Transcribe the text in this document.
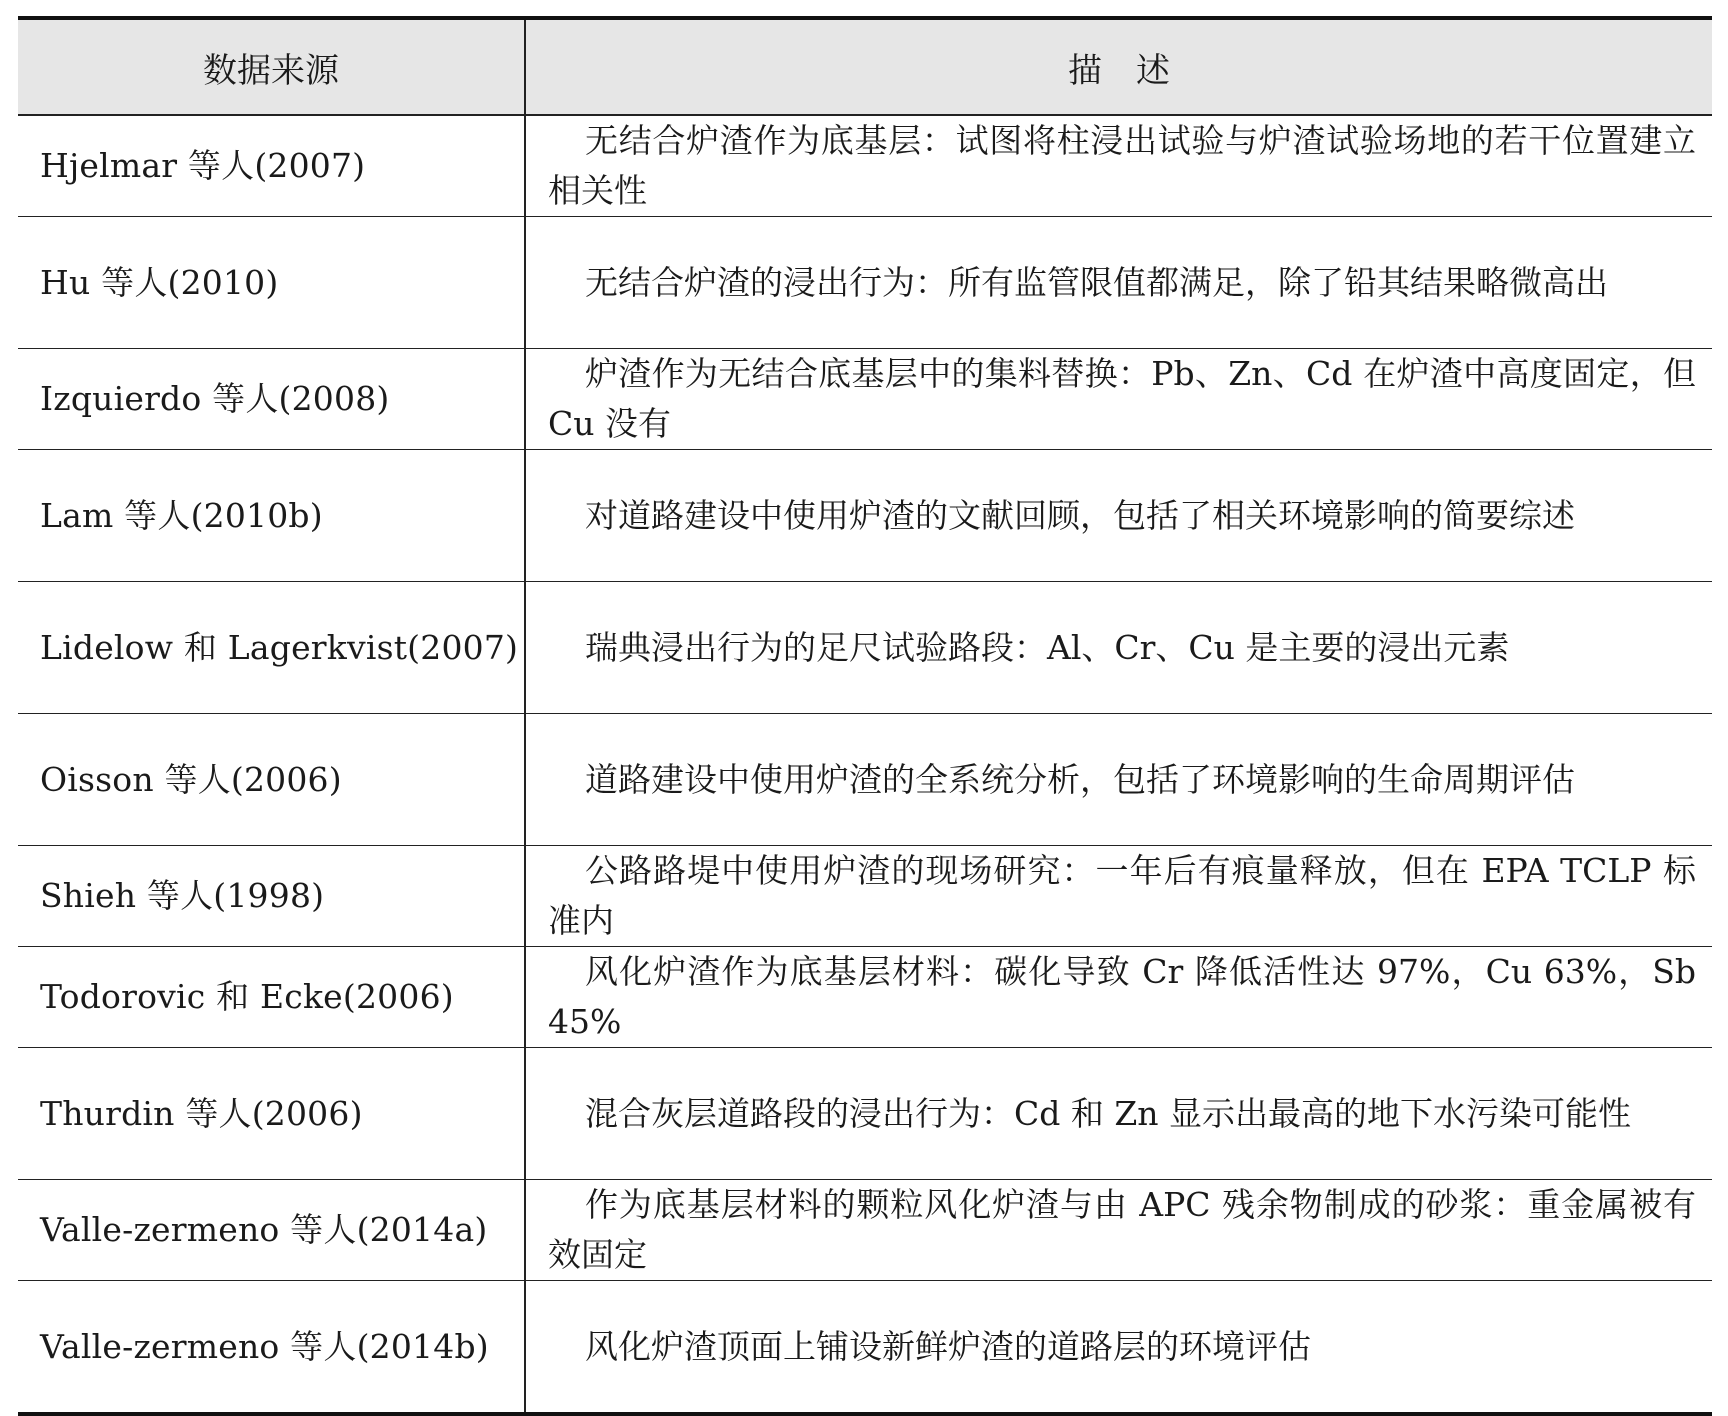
数据来源	描　述
Hjelmar 等人(2007)	无结合炉渣作为底基层：试图将柱浸出试验与炉渣试验场地的若干位置建立相关性
Hu 等人(2010)	无结合炉渣的浸出行为：所有监管限值都满足，除了铅其结果略微高出
Izquierdo 等人(2008)	炉渣作为无结合底基层中的集料替换：Pb、Zn、Cd 在炉渣中高度固定，但 Cu 没有
Lam 等人(2010b)	对道路建设中使用炉渣的文献回顾，包括了相关环境影响的简要综述
Lidelow 和 Lagerkvist(2007)	瑞典浸出行为的足尺试验路段：Al、Cr、Cu 是主要的浸出元素
Oisson 等人(2006)	道路建设中使用炉渣的全系统分析，包括了环境影响的生命周期评估
Shieh 等人(1998)	公路路堤中使用炉渣的现场研究：一年后有痕量释放，但在 EPA TCLP 标准内
Todorovic 和 Ecke(2006)	风化炉渣作为底基层材料：碳化导致 Cr 降低活性达 97%，Cu 63%，Sb 45%
Thurdin 等人(2006)	混合灰层道路段的浸出行为：Cd 和 Zn 显示出最高的地下水污染可能性
Valle-zermeno 等人(2014a)	作为底基层材料的颗粒风化炉渣与由 APC 残余物制成的砂浆：重金属被有效固定
Valle-zermeno 等人(2014b)	风化炉渣顶面上铺设新鲜炉渣的道路层的环境评估
